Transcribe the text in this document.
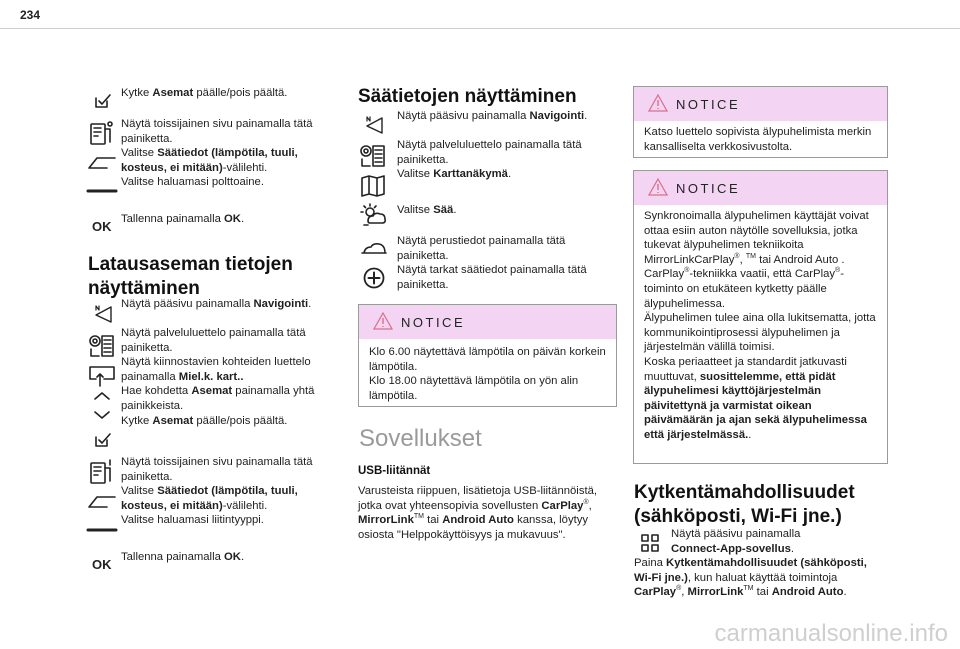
234
Kytke Asemat päälle/pois päältä.
Näytä toissijainen sivu painamalla tätä painiketta.
Valitse Säätiedot (lämpötila, tuuli, kosteus, ei mitään)-välilehti.
Valitse haluamasi polttoaine.
OK Tallenna painamalla OK.
Latausaseman tietojen näyttäminen
Näytä pääsivu painamalla Navigointi.
Näytä palveluluettelo painamalla tätä painiketta.
Näytä kiinnostavien kohteiden luettelo painamalla Miel.k. kart..
Hae kohdetta Asemat painamalla yhtä painikkeista.
Kytke Asemat päälle/pois päältä.
Näytä toissijainen sivu painamalla tätä painiketta.
Valitse Säätiedot (lämpötila, tuuli, kosteus, ei mitään)-välilehti.
Valitse haluamasi liitintyyppi.
OK Tallenna painamalla OK.
Säätietojen näyttäminen
Näytä pääsivu painamalla Navigointi.
Näytä palveluluettelo painamalla tätä painiketta.
Valitse Karttanäkymä.
Valitse Sää.
Näytä perustiedot painamalla tätä painiketta.
Näytä tarkat säätiedot painamalla tätä painiketta.
NOTICE
Klo 6.00 näytettävä lämpötila on päivän korkein lämpötila.
Klo 18.00 näytettävä lämpötila on yön alin lämpötila.
Sovellukset
USB-liitännät
Varusteista riippuen, lisätietoja USB-liitännöistä, jotka ovat yhteensopivia sovellusten CarPlay®, MirrorLink™ tai Android Auto kanssa, löytyy osiosta "Helppokäyttöisyys ja mukavuus".
NOTICE
Katso luettelo sopivista älypuhelimista merkin kansalliselta verkkosivustolta.
NOTICE
Synkronoimalla älypuhelimen käyttäjät voivat ottaa esiin auton näytölle sovelluksia, jotka tukevat älypuhelimen tekniikoita MirrorLinkCarPlay®, ™ tai Android Auto . CarPlay®-tekniikka vaatii, että CarPlay®-toiminto on etukäteen kytketty päälle älypuhelimessa.
Älypuhelimen tulee aina olla lukitsematta, jotta kommunikointiprosessi älypuhelimen ja järjestelmän välillä toimisi.
Koska periaatteet ja standardit jatkuvasti muuttuvat, suosittelemme, että pidät älypuhelimesi käyttöjärjestelmän päivitettynä ja varmistat oikean päivämäärän ja ajan sekä älypuhelimessa että järjestelmässä..
Kytkentämahdollisuudet (sähköposti, Wi-Fi jne.)
Näytä pääsivu painamalla
Connect-App-sovellus.
Paina Kytkentämahdollisuudet (sähköposti, Wi-Fi jne.), kun haluat käyttää toimintoja CarPlay®, MirrorLink™ tai Android Auto.
carmanualsonline.info
